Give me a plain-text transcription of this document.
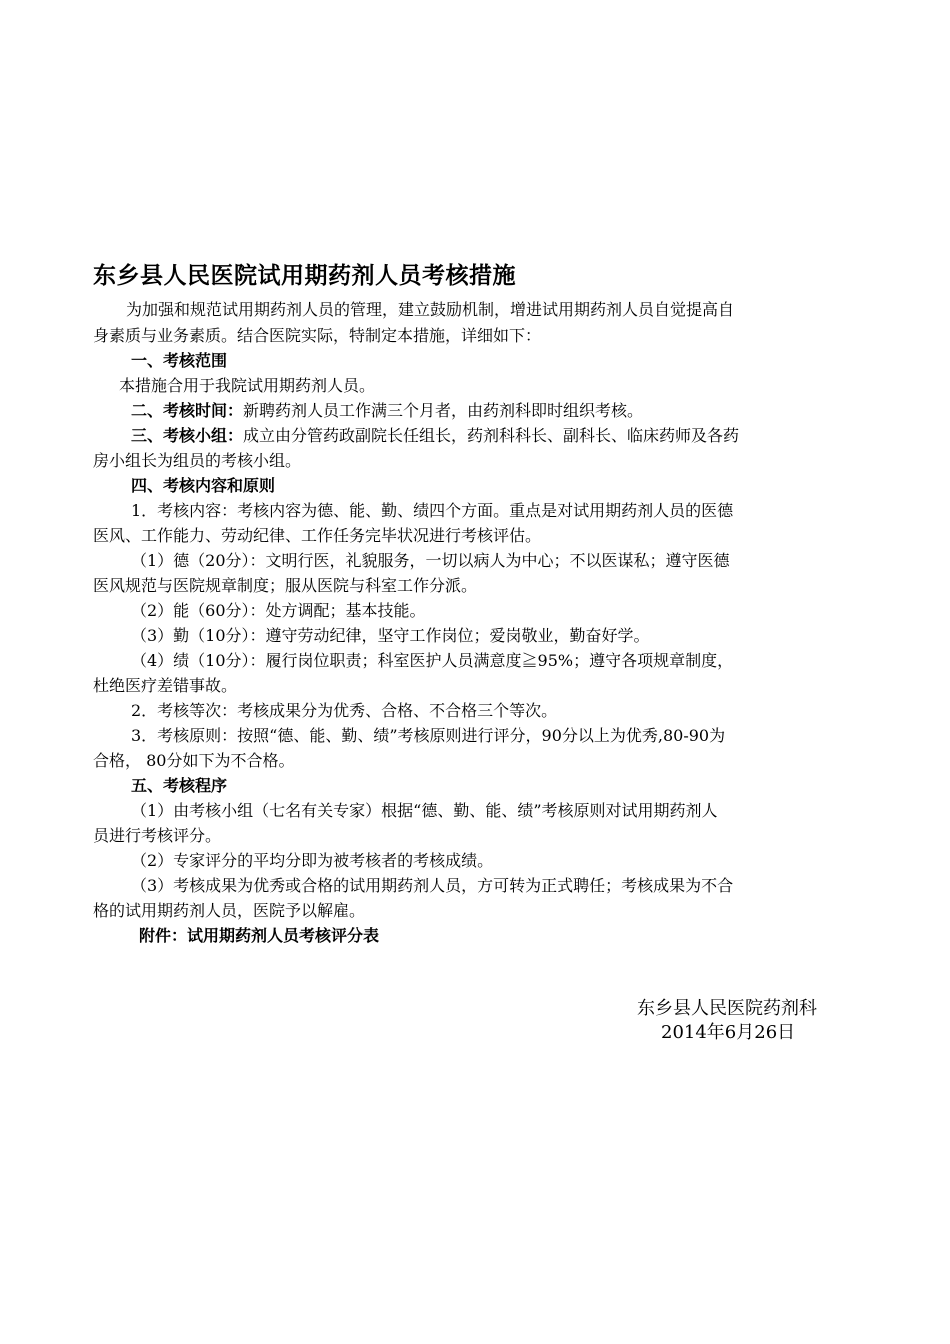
东乡县人民医院试用期药剂人员考核措施
为加强和规范试用期药剂人员的管理，建立鼓励机制，增进试用期药剂人员自觉提高自
身素质与业务素质。结合医院实际，特制定本措施，详细如下：
一、考核范围
本措施合用于我院试用期药剂人员。
二、考核时间：新聘药剂人员工作满三个月者，由药剂科即时组织考核。
三、考核小组：成立由分管药政副院长任组长，药剂科科长、副科长、临床药师及各药
房小组长为组员的考核小组。
四、考核内容和原则
1．考核内容：考核内容为德、能、勤、绩四个方面。重点是对试用期药剂人员的医德
医风、工作能力、劳动纪律、工作任务完毕状况进行考核评估。
（1）德（20分）：文明行医，礼貌服务，一切以病人为中心；不以医谋私；遵守医德
医风规范与医院规章制度；服从医院与科室工作分派。
（2）能（60分）：处方调配；基本技能。
（3）勤（10分）：遵守劳动纪律，坚守工作岗位；爱岗敬业，勤奋好学。
（4）绩（10分）：履行岗位职责；科室医护人员满意度≧95%；遵守各项规章制度，
杜绝医疗差错事故。
2．考核等次：考核成果分为优秀、合格、不合格三个等次。
3．考核原则：按照“德、能、勤、绩”考核原则进行评分，90分以上为优秀,80-90为
合格， 80分如下为不合格。
五、考核程序
（1）由考核小组（七名有关专家）根据“德、勤、能、绩”考核原则对试用期药剂人
员进行考核评分。
（2）专家评分的平均分即为被考核者的考核成绩。
（3）考核成果为优秀或合格的试用期药剂人员，方可转为正式聘任；考核成果为不合
格的试用期药剂人员，医院予以解雇。
附件：试用期药剂人员考核评分表
东乡县人民医院药剂科
2014年6月26日
